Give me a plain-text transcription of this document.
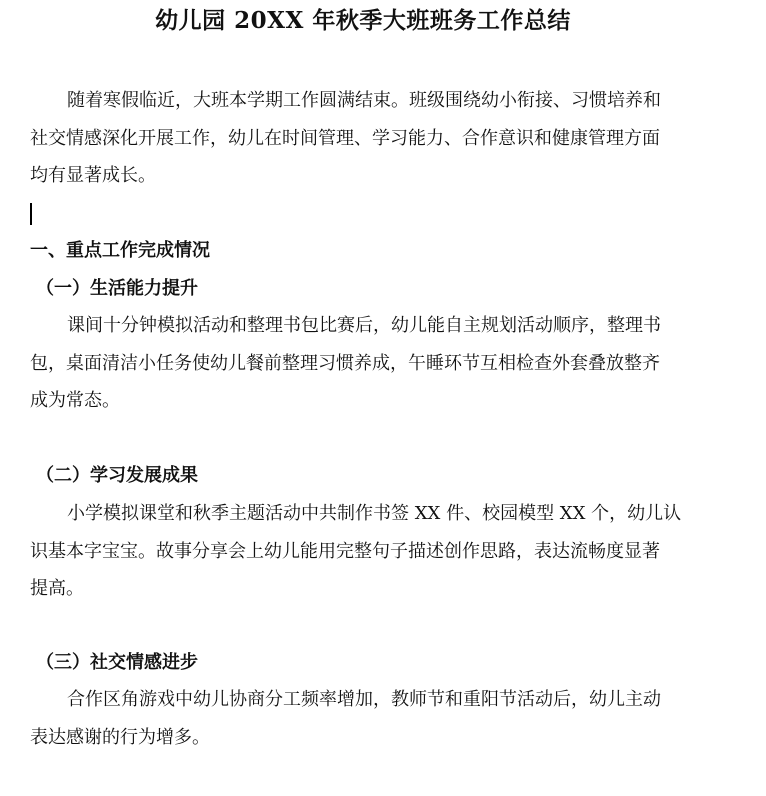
幼儿园 20XX 年秋季大班班务工作总结

随着寒假临近，大班本学期工作圆满结束。班级围绕幼小衔接、习惯培养和
社交情感深化开展工作，幼儿在时间管理、学习能力、合作意识和健康管理方面
均有显著成长。

一、重点工作完成情况
（一）生活能力提升

课间十分钟模拟活动和整理书包比赛后，幼儿能自主规划活动顺序，整理书
包，桌面清洁小任务使幼儿餐前整理习惯养成，午睡环节互相检查外套叠放整齐
成为常态。

（二）学习发展成果

小学模拟课堂和秋季主题活动中共制作书签 XX 件、校园模型 XX 个，幼儿认
识基本字宝宝。故事分享会上幼儿能用完整句子描述创作思路，表达流畅度显著
提高。

（三）社交情感进步

合作区角游戏中幼儿协商分工频率增加，教师节和重阳节活动后，幼儿主动
表达感谢的行为增多。
